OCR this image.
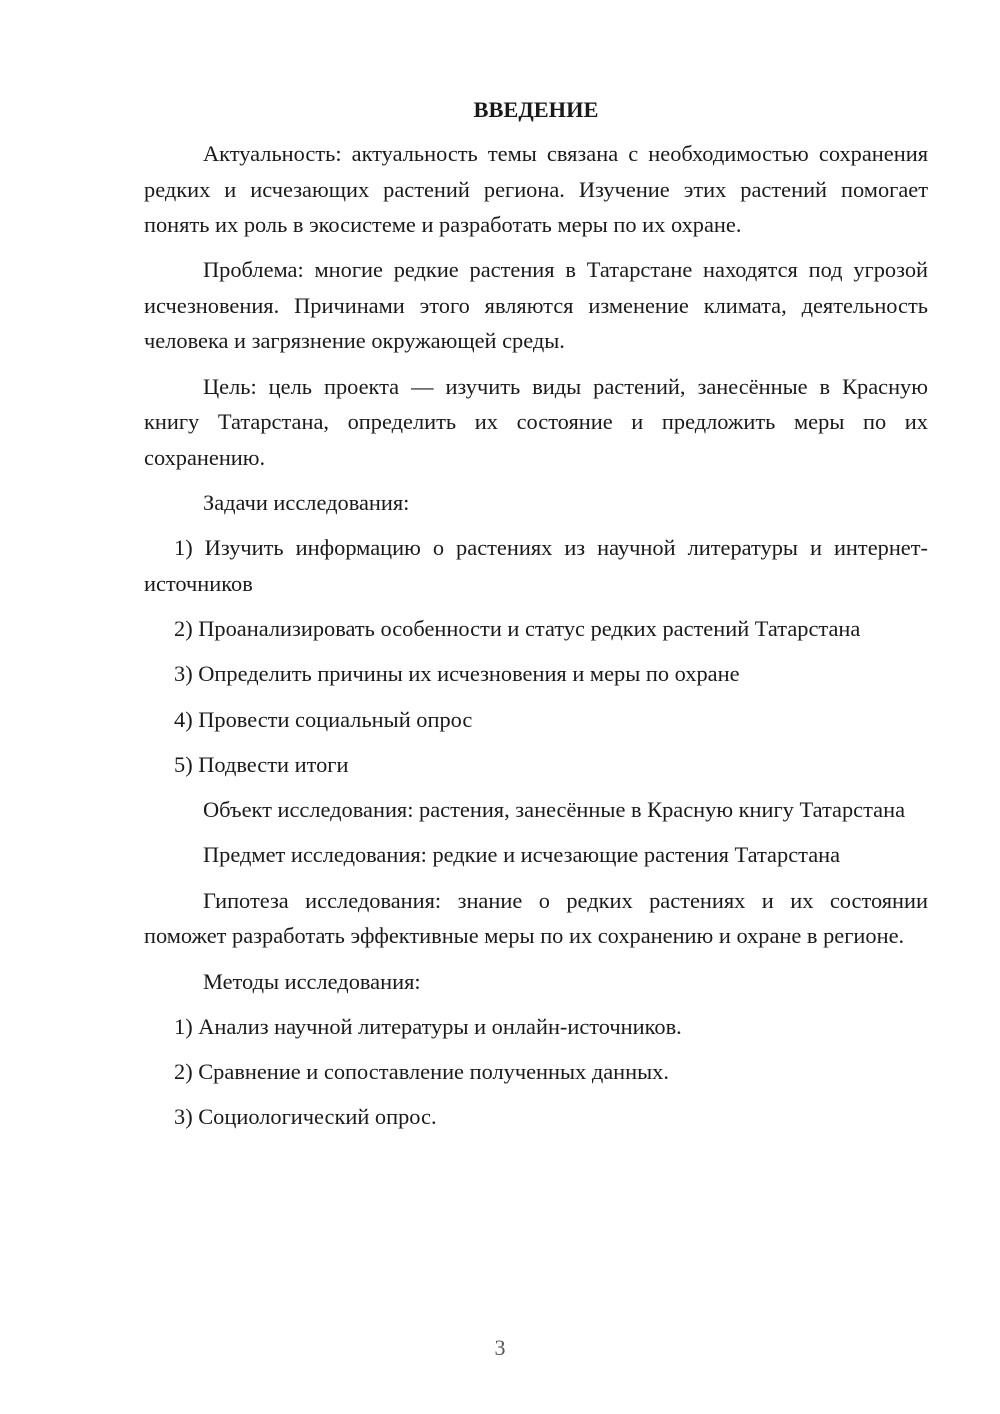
ВВЕДЕНИЕ
Актуальность: актуальность темы связана с необходимостью сохранения редких и исчезающих растений региона. Изучение этих растений помогает понять их роль в экосистеме и разработать меры по их охране.
Проблема: многие редкие растения в Татарстане находятся под угрозой исчезновения. Причинами этого являются изменение климата, деятельность человека и загрязнение окружающей среды.
Цель: цель проекта — изучить виды растений, занесённые в Красную книгу Татарстана, определить их состояние и предложить меры по их сохранению.
Задачи исследования:
1) Изучить информацию о растениях из научной литературы и интернет-источников
2) Проанализировать особенности и статус редких растений Татарстана
3) Определить причины их исчезновения и меры по охране
4) Провести социальный опрос
5) Подвести итоги
Объект исследования: растения, занесённые в Красную книгу Татарстана
Предмет исследования: редкие и исчезающие растения Татарстана
Гипотеза исследования: знание о редких растениях и их состоянии поможет разработать эффективные меры по их сохранению и охране в регионе.
Методы исследования:
1) Анализ научной литературы и онлайн-источников.
2) Сравнение и сопоставление полученных данных.
3) Социологический опрос.
3
